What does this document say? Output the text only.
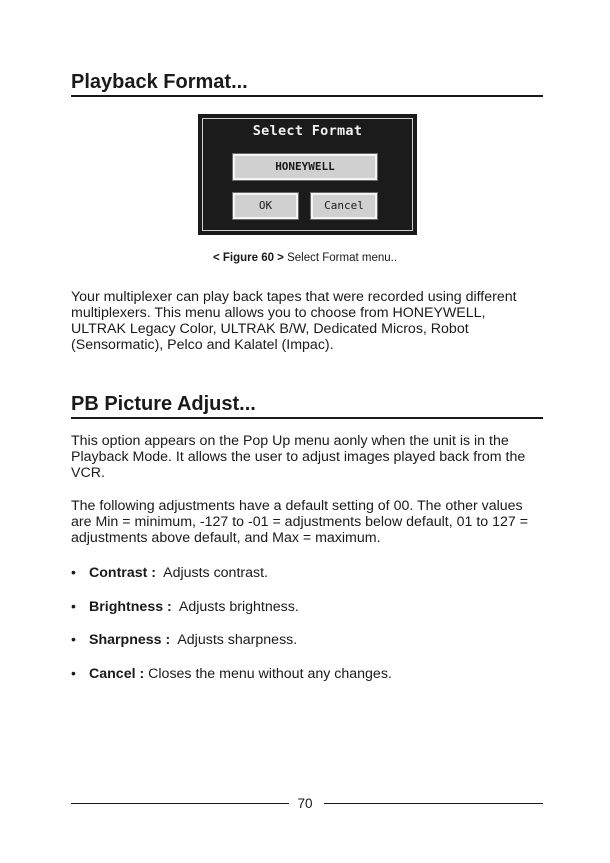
Playback Format...
Select Format
HONEYWELL
OK	Cancel
< Figure 60 > Select Format menu..
Your multiplexer can play back tapes that were recorded using different
multiplexers. This menu allows you to choose from HONEYWELL,
ULTRAK Legacy Color, ULTRAK B/W, Dedicated Micros, Robot
(Sensormatic), Pelco and Kalatel (Impac).
PB Picture Adjust...
This option appears on the Pop Up menu aonly when the unit is in the
Playback Mode. It allows the user to adjust images played back from the
VCR.
The following adjustments have a default setting of 00. The other values
are Min = minimum, -127 to -01 = adjustments below default, 01 to 127 =
adjustments above default, and Max = maximum.
• Contrast : Adjusts contrast.
• Brightness : Adjusts brightness.
• Sharpness : Adjusts sharpness.
• Cancel : Closes the menu without any changes.
70
